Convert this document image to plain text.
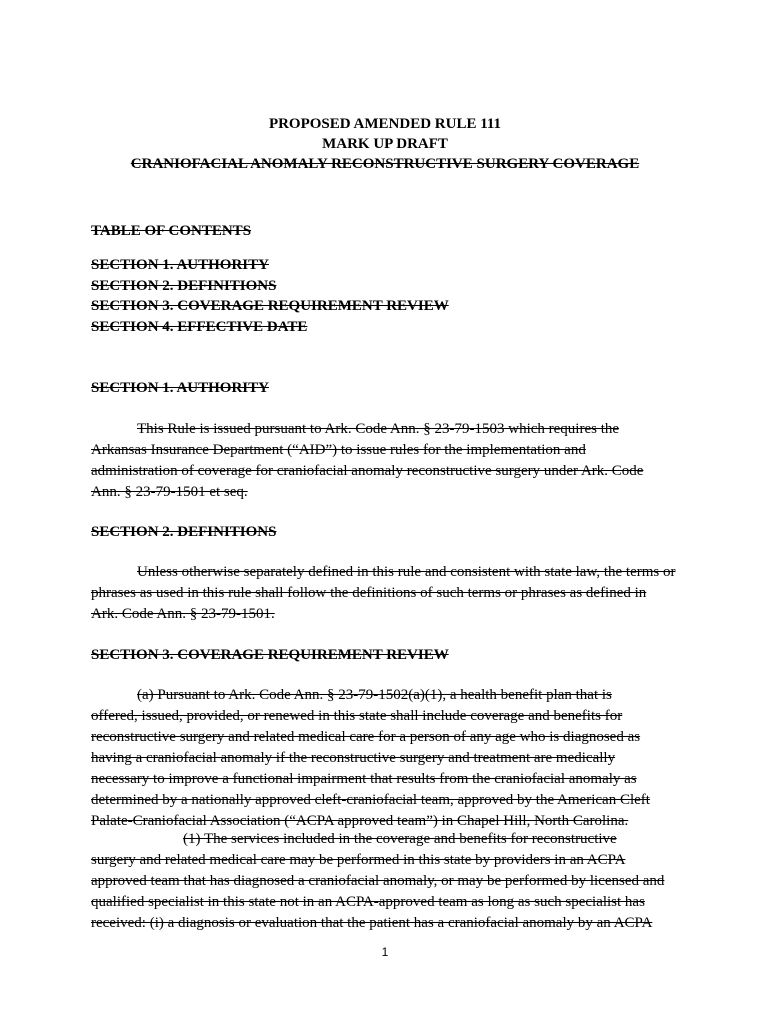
PROPOSED AMENDED RULE 111
MARK UP DRAFT
CRANIOFACIAL ANOMALY RECONSTRUCTIVE SURGERY COVERAGE
TABLE OF CONTENTS
SECTION 1. AUTHORITY
SECTION 2. DEFINITIONS
SECTION 3. COVERAGE REQUIREMENT REVIEW
SECTION 4. EFFECTIVE DATE
SECTION 1. AUTHORITY
This Rule is issued pursuant to Ark. Code Ann. § 23-79-1503 which requires the
Arkansas Insurance Department (“AID”) to issue rules for the implementation and
administration of coverage for craniofacial anomaly reconstructive surgery under Ark. Code
Ann. § 23-79-1501 et seq.
SECTION 2. DEFINITIONS
Unless otherwise separately defined in this rule and consistent with state law, the terms or
phrases as used in this rule shall follow the definitions of such terms or phrases as defined in
Ark. Code Ann. § 23-79-1501.
SECTION 3. COVERAGE REQUIREMENT REVIEW
(a) Pursuant to Ark. Code Ann. § 23-79-1502(a)(1), a health benefit plan that is
offered, issued, provided, or renewed in this state shall include coverage and benefits for
reconstructive surgery and related medical care for a person of any age who is diagnosed as
having a craniofacial anomaly if the reconstructive surgery and treatment are medically
necessary to improve a functional impairment that results from the craniofacial anomaly as
determined by a nationally approved cleft-craniofacial team, approved by the American Cleft
Palate-Craniofacial Association (“ACPA approved team”) in Chapel Hill, North Carolina.
(1) The services included in the coverage and benefits for reconstructive
surgery and related medical care may be performed in this state by providers in an ACPA
approved team that has diagnosed a craniofacial anomaly, or may be performed by licensed and
qualified specialist in this state not in an ACPA-approved team as long as such specialist has
received: (i) a diagnosis or evaluation that the patient has a craniofacial anomaly by an ACPA
1
